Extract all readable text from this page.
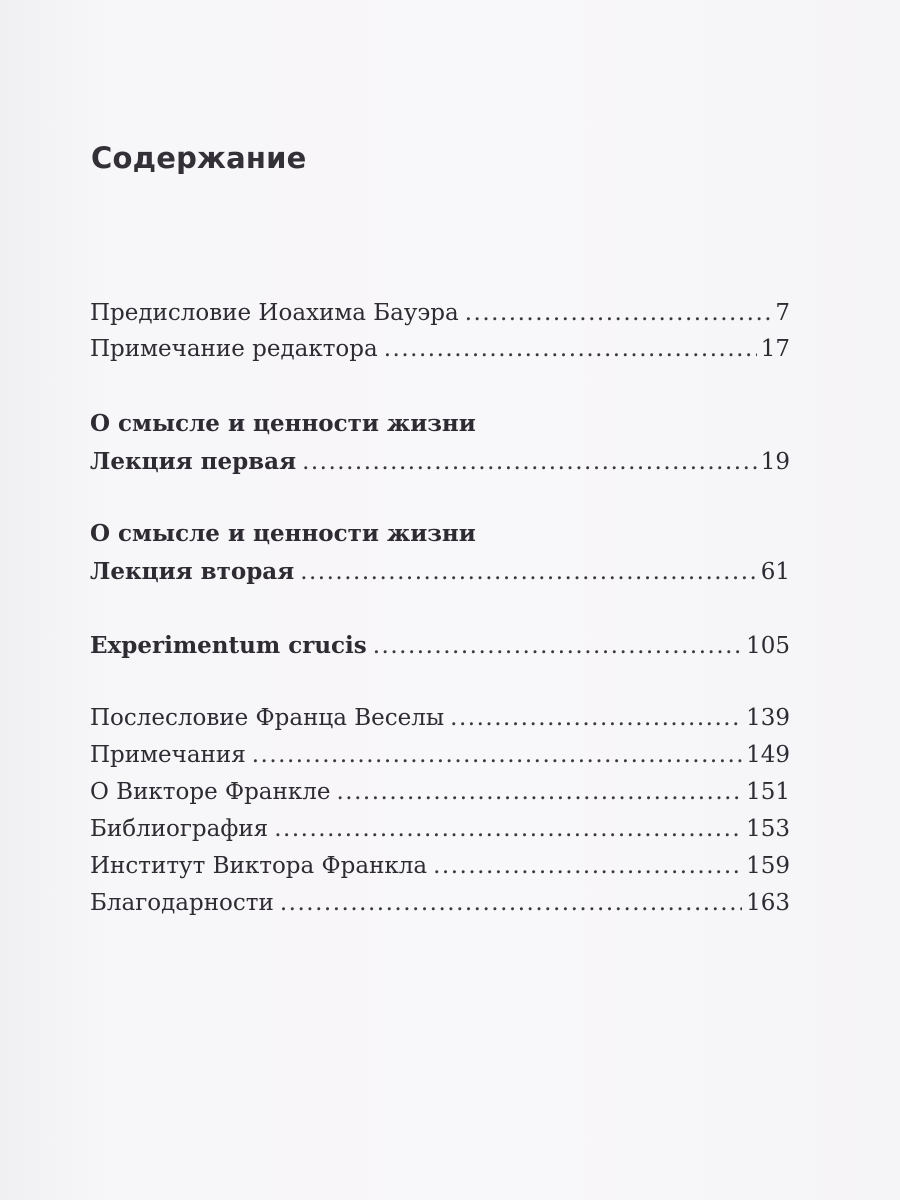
Содержание
Предисловие Иоахима Бауэра .....	7
Примечание редактора .....	17
О смысле и ценности жизни
Лекция первая .....	19
О смысле и ценности жизни
Лекция вторая .....	61
Experimentum crucis .....	105
Послесловие Франца Веселы .....	139
Примечания .....	149
О Викторе Франкле .....	151
Библиография .....	153
Институт Виктора Франкла .....	159
Благодарности .....	163
